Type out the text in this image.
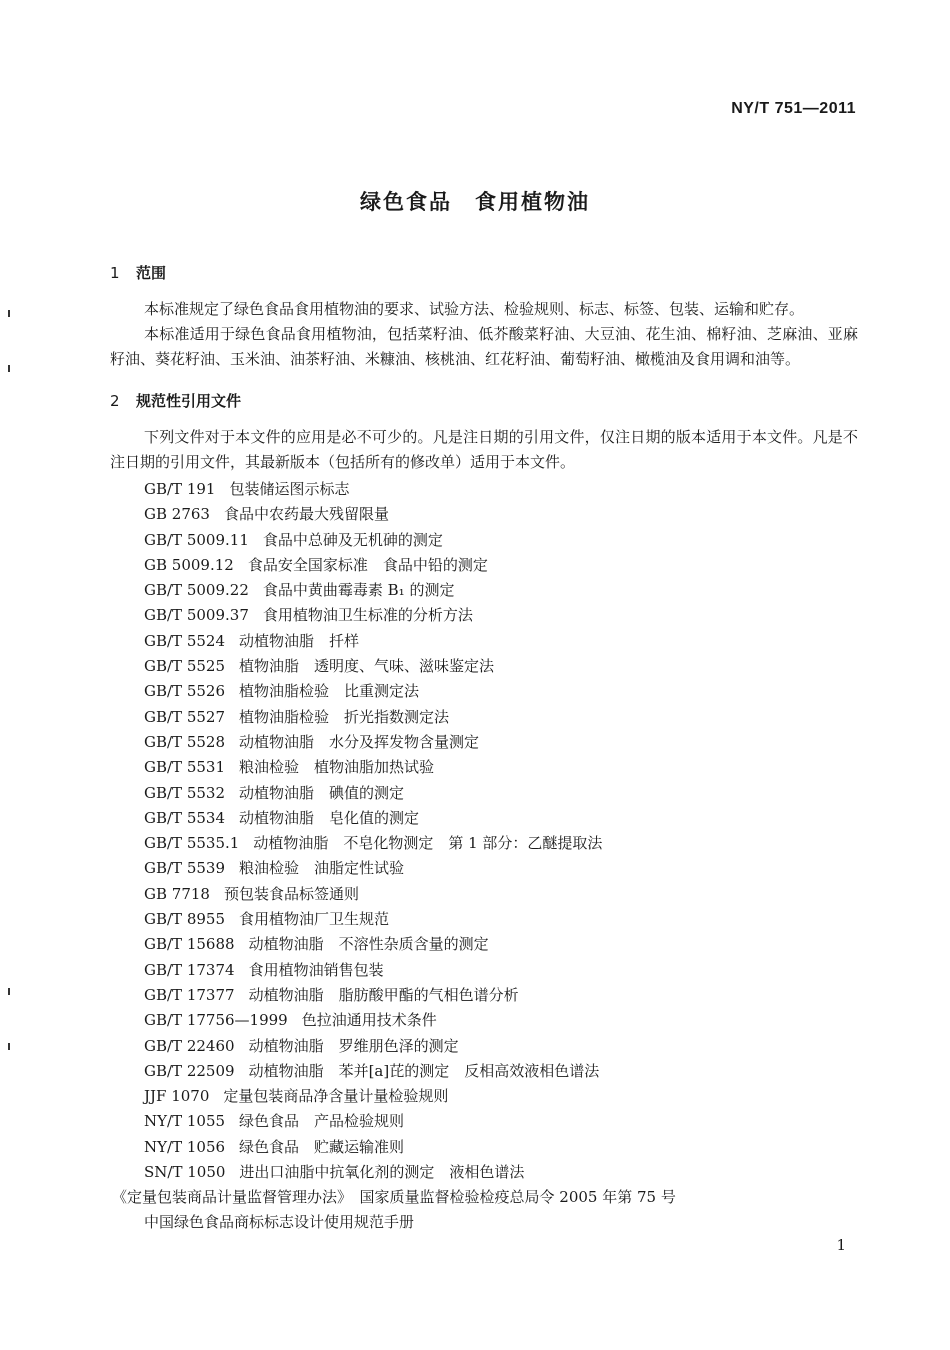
NY/T 751—2011
绿色食品　食用植物油
1 范围
本标准规定了绿色食品食用植物油的要求、试验方法、检验规则、标志、标签、包装、运输和贮存。
本标准适用于绿色食品食用植物油，包括菜籽油、低芥酸菜籽油、大豆油、花生油、棉籽油、芝麻油、亚麻籽油、葵花籽油、玉米油、油茶籽油、米糠油、核桃油、红花籽油、葡萄籽油、橄榄油及食用调和油等。
2 规范性引用文件
下列文件对于本文件的应用是必不可少的。凡是注日期的引用文件，仅注日期的版本适用于本文件。凡是不注日期的引用文件，其最新版本（包括所有的修改单）适用于本文件。
GB/T 191 包装储运图示标志
GB 2763 食品中农药最大残留限量
GB/T 5009.11 食品中总砷及无机砷的测定
GB 5009.12 食品安全国家标准　食品中铅的测定
GB/T 5009.22 食品中黄曲霉毒素 B₁ 的测定
GB/T 5009.37 食用植物油卫生标准的分析方法
GB/T 5524 动植物油脂　扦样
GB/T 5525 植物油脂　透明度、气味、滋味鉴定法
GB/T 5526 植物油脂检验　比重测定法
GB/T 5527 植物油脂检验　折光指数测定法
GB/T 5528 动植物油脂　水分及挥发物含量测定
GB/T 5531 粮油检验　植物油脂加热试验
GB/T 5532 动植物油脂　碘值的测定
GB/T 5534 动植物油脂　皂化值的测定
GB/T 5535.1 动植物油脂　不皂化物测定　第 1 部分：乙醚提取法
GB/T 5539 粮油检验　油脂定性试验
GB 7718 预包装食品标签通则
GB/T 8955 食用植物油厂卫生规范
GB/T 15688 动植物油脂　不溶性杂质含量的测定
GB/T 17374 食用植物油销售包装
GB/T 17377 动植物油脂　脂肪酸甲酯的气相色谱分析
GB/T 17756—1999 色拉油通用技术条件
GB/T 22460 动植物油脂　罗维朋色泽的测定
GB/T 22509 动植物油脂　苯并[a]芘的测定　反相高效液相色谱法
JJF 1070 定量包装商品净含量计量检验规则
NY/T 1055 绿色食品　产品检验规则
NY/T 1056 绿色食品　贮藏运输准则
SN/T 1050 进出口油脂中抗氧化剂的测定　液相色谱法
《定量包装商品计量监督管理办法》　国家质量监督检验检疫总局令 2005 年第 75 号
中国绿色食品商标标志设计使用规范手册
1
